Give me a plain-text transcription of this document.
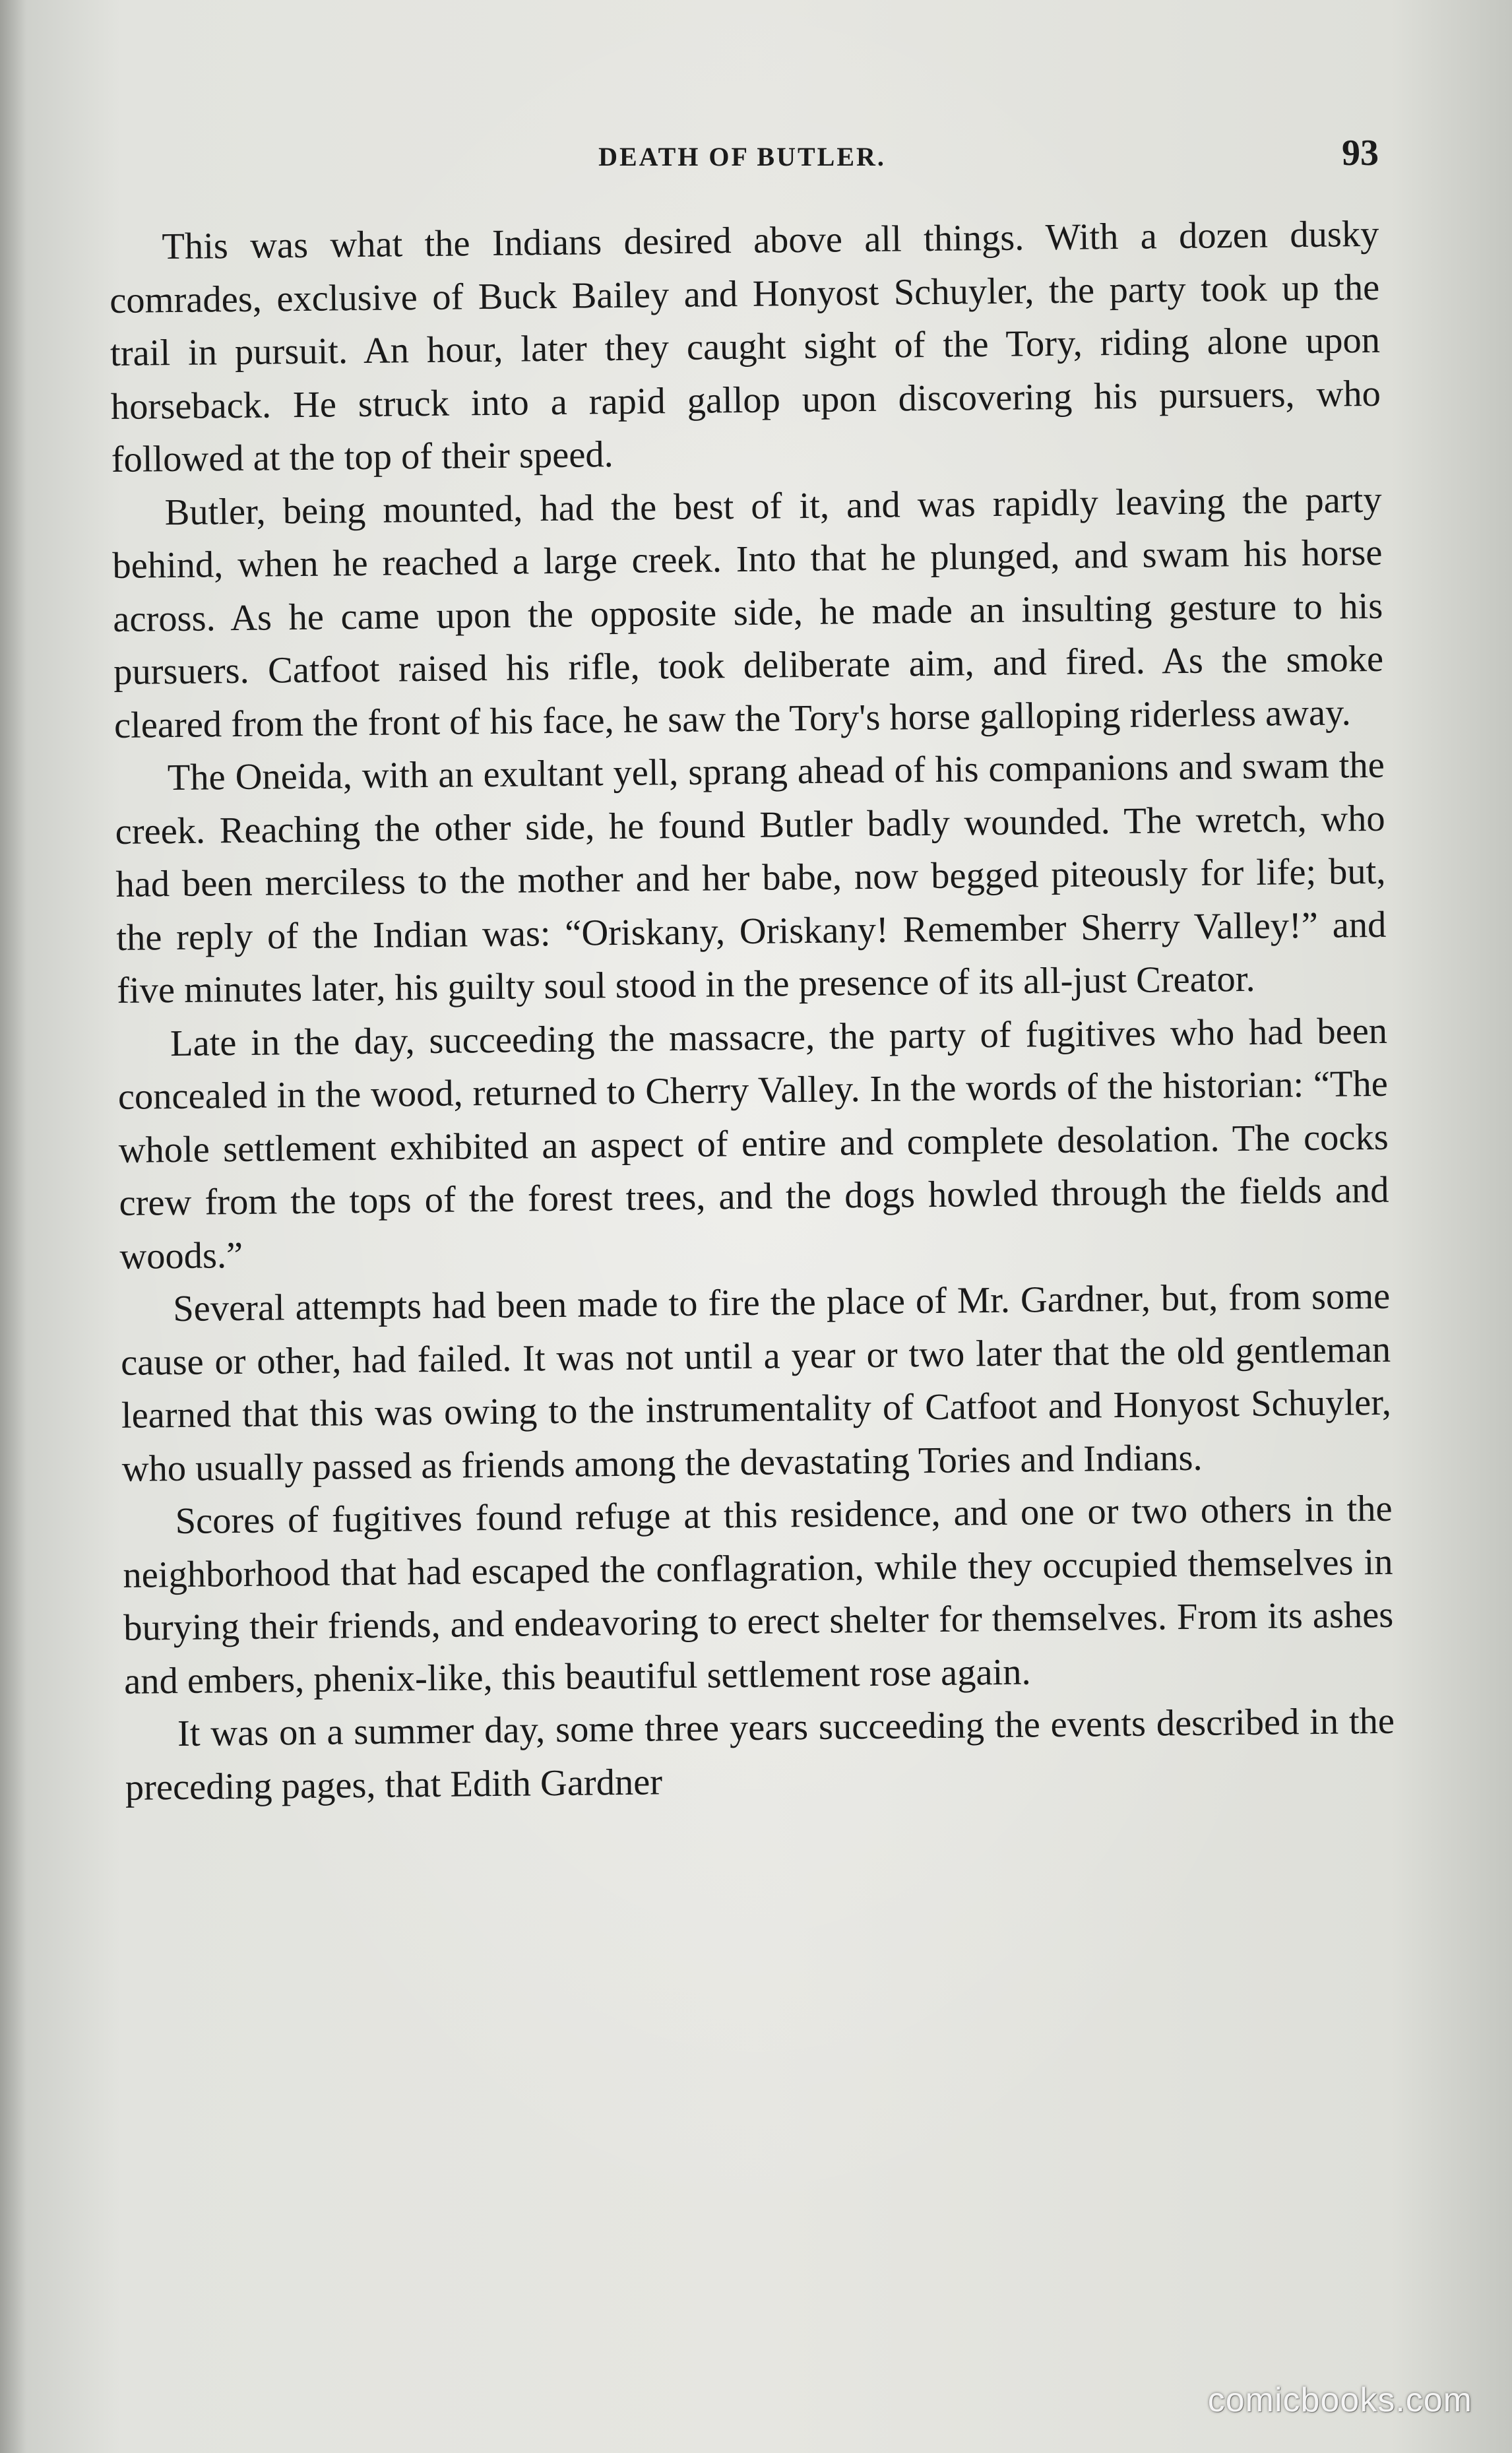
DEATH OF BUTLER.	93

This was what the Indians desired above all things. With a dozen dusky comrades, exclusive of Buck Bailey and Honyost Schuyler, the party took up the trail in pursuit. An hour, later they caught sight of the Tory, riding alone upon horseback. He struck into a rapid gallop upon discovering his pursuers, who followed at the top of their speed.

Butler, being mounted, had the best of it, and was rapidly leaving the party behind, when he reached a large creek. Into that he plunged, and swam his horse across. As he came upon the opposite side, he made an insulting gesture to his pursuers. Catfoot raised his rifle, took deliberate aim, and fired. As the smoke cleared from the front of his face, he saw the Tory's horse galloping riderless away.

The Oneida, with an exultant yell, sprang ahead of his companions and swam the creek. Reaching the other side, he found Butler badly wounded. The wretch, who had been merciless to the mother and her babe, now begged piteously for life; but, the reply of the Indian was: “Oriskany, Oriskany! Remember Sherry Valley!” and five minutes later, his guilty soul stood in the presence of its all-just Creator.

Late in the day, succeeding the massacre, the party of fugitives who had been concealed in the wood, returned to Cherry Valley. In the words of the historian: “The whole settlement exhibited an aspect of entire and complete desolation. The cocks crew from the tops of the forest trees, and the dogs howled through the fields and woods.”

Several attempts had been made to fire the place of Mr. Gardner, but, from some cause or other, had failed. It was not until a year or two later that the old gentleman learned that this was owing to the instrumentality of Catfoot and Honyost Schuyler, who usually passed as friends among the devastating Tories and Indians.

Scores of fugitives found refuge at this residence, and one or two others in the neighborhood that had escaped the conflagration, while they occupied themselves in burying their friends, and endeavoring to erect shelter for themselves. From its ashes and embers, phenix-like, this beautiful settlement rose again.

It was on a summer day, some three years succeeding the events described in the preceding pages, that Edith Gardner

comicbooks.com
